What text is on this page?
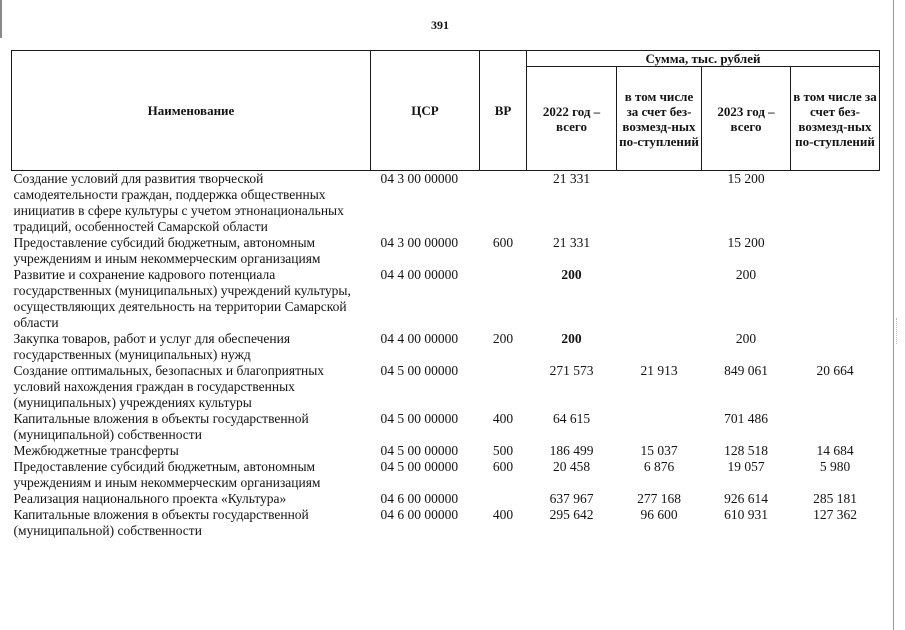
391
Наименование	ЦСР	ВР	Сумма, тыс. рублей			
			2022 год – всего	в том числе за счет без-возмезд-ных по-ступлений	2023 год – всего	в том числе за счет без-возмезд-ных по-ступлений
Создание условий для развития творческой самодеятельности граждан, поддержка общественных инициатив в сфере культуры с учетом этнонациональных традиций, особенностей Самарской области	04 3 00 00000		21 331		15 200	
Предоставление субсидий бюджетным, автономным учреждениям и иным некоммерческим организациям	04 3 00 00000	600	21 331		15 200	
Развитие и сохранение кадрового потенциала государственных (муниципальных) учреждений культуры, осуществляющих деятельность на территории Самарской области	04 4 00 00000		200		200	
Закупка товаров, работ и услуг для обеспечения государственных (муниципальных) нужд	04 4 00 00000	200	200		200	
Создание оптимальных, безопасных и благоприятных условий нахождения граждан в государственных (муниципальных) учреждениях культуры	04 5 00 00000		271 573	21 913	849 061	20 664
Капитальные вложения в объекты государственной (муниципальной) собственности	04 5 00 00000	400	64 615		701 486	
Межбюджетные трансферты	04 5 00 00000	500	186 499	15 037	128 518	14 684
Предоставление субсидий бюджетным, автономным учреждениям и иным некоммерческим организациям	04 5 00 00000	600	20 458	6 876	19 057	5 980
Реализация национального проекта «Культура»	04 6 00 00000		637 967	277 168	926 614	285 181
Капитальные вложения в объекты государственной (муниципальной) собственности	04 6 00 00000	400	295 642	96 600	610 931	127 362
